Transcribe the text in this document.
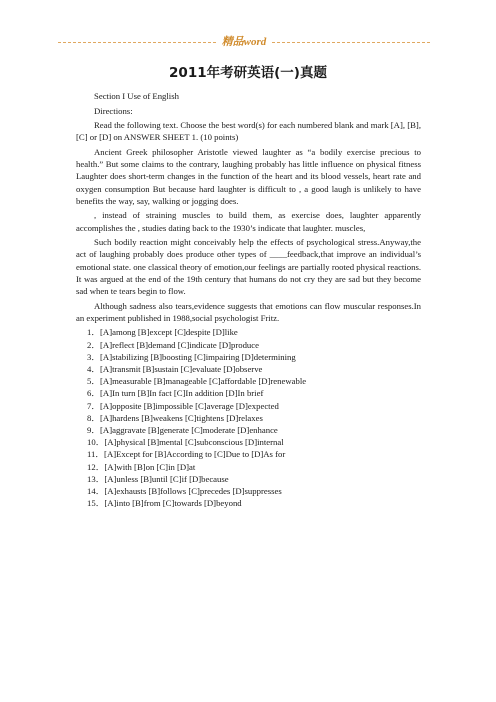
精品word
2011年考研英语(一)真题

Section I Use of English

Directions:

Read the following text. Choose the best word(s) for each numbered blank and mark [A], [B], [C] or [D] on ANSWER SHEET 1. (10 points)

Ancient Greek philosopher Aristotle viewed laughter as “a bodily exercise precious to health.” But some claims to the contrary, laughing probably has little influence on physical fitness Laughter does short-term changes in the function of the heart and its blood vessels, heart rate and oxygen consumption But because hard laughter is difficult to , a good laugh is unlikely to have benefits the way, say, walking or jogging does.

, instead of straining muscles to build them, as exercise does, laughter apparently accomplishes the , studies dating back to the 1930’s indicate that laughter. muscles,

Such bodily reaction might conceivably help the effects of psychological stress.Anyway,the act of laughing probably does produce other types of ____feedback,that improve an individual’s emotional state. one classical theory of emotion,our feelings are partially rooted physical reactions. It was argued at the end of the 19th century that humans do not cry they are sad but they become sad when te tears begin to flow.

Although sadness also tears,evidence suggests that emotions can flow muscular responses.In an experiment published in 1988,social psychologist Fritz.

1．[A]among [B]except [C]despite [D]like
2．[A]reflect [B]demand [C]indicate [D]produce
3．[A]stabilizing [B]boosting [C]impairing [D]determining
4．[A]transmit [B]sustain [C]evaluate [D]observe
5．[A]measurable [B]manageable [C]affordable [D]renewable
6．[A]In turn [B]In fact [C]In addition [D]In brief
7．[A]opposite [B]impossible [C]average [D]expected
8．[A]hardens [B]weakens [C]tightens [D]relaxes
9．[A]aggravate [B]generate [C]moderate [D]enhance
10．[A]physical [B]mental [C]subconscious [D]internal
11．[A]Except for [B]According to [C]Due to [D]As for
12．[A]with [B]on [C]in [D]at
13．[A]unless [B]until [C]if [D]because
14．[A]exhausts [B]follows [C]precedes [D]suppresses
15．[A]into [B]from [C]towards [D]beyond
